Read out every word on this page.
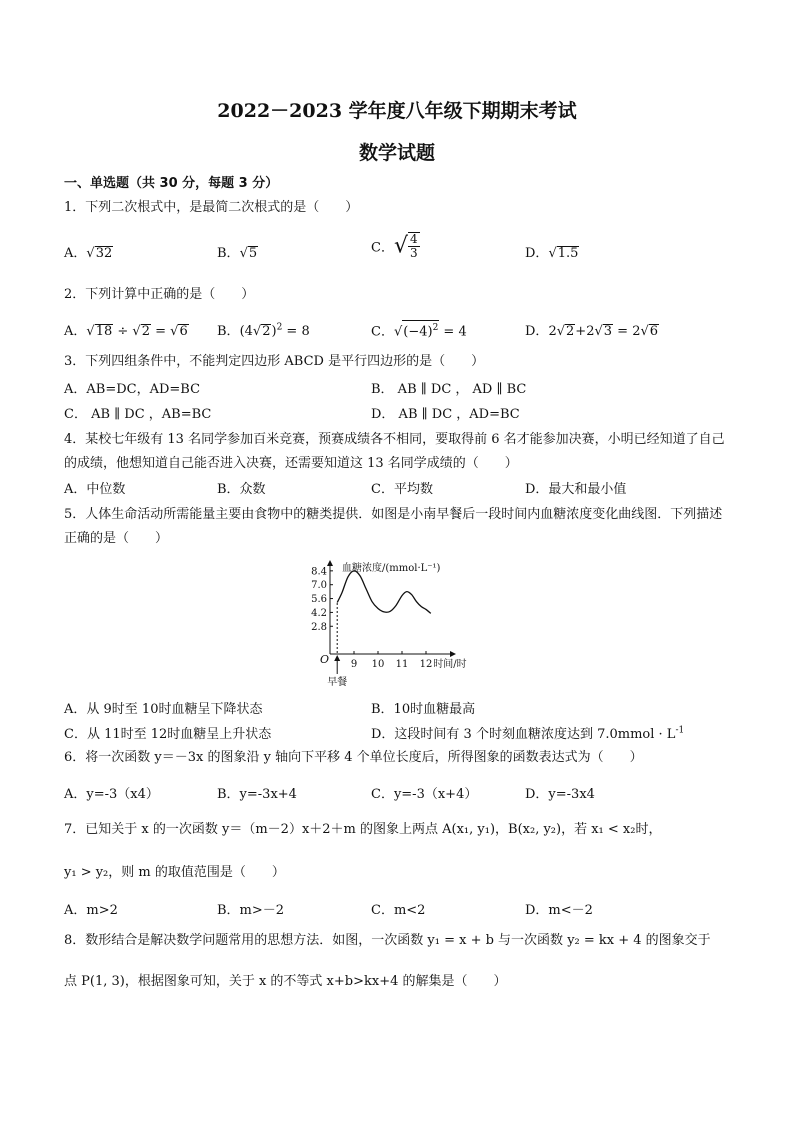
2022－2023 学年度八年级下期期末考试
数学试题
一、单选题（共 30 分，每题 3 分）
1．下列二次根式中，是最简二次根式的是（　　）
A．√32	B．√5	C．√ $\frac{4}{3}$	D．√1.5
2．下列计算中正确的是（　　）
A．√18 ÷ √2 = √6 B．$(4√2)^2 = 8$	C．$√(-4)^2 = 4$	D．2√2+2√3 = 2√6
3．下列四组条件中，不能判定四边形 ABCD 是平行四边形的是（　　）
A．AB=DC，AD=BC	B． AB ∥ DC ， AD ∥ BC
C． AB ∥ DC ，AB=BC	D． AB ∥ DC ，AD=BC
4．某校七年级有 13 名同学参加百米竞赛，预赛成绩各不相同，要取得前 6 名才能参加决赛，小明已经知道了自己的成绩，他想知道自己能否进入决赛，还需要知道这 13 名同学成绩的（　　）
A．中位数	B．众数	C．平均数	D．最大和最小值
5．人体生命活动所需能量主要由食物中的糖类提供．如图是小南早餐后一段时间内血糖浓度变化曲线图．下列描述正确的是（　　）
8.4
7.0
5.6
4.2
2.8
9 10 11 12
血糖浓度/(mmol·L⁻¹)
时间/时
O
早餐
A．从 9时至 10时血糖呈下降状态	B．10时血糖最高
C．从 11时至 12时血糖呈上升状态	D．这段时间有 3 个时刻血糖浓度达到 7.0mmol · $L^{-1}$
6．将一次函数 y＝－3x 的图象沿 y 轴向下平移 4 个单位长度后，所得图象的函数表达式为（　　）
A．y=-3（x4）	B．y=-3x+4	C．y=-3（x+4）	D．y=-3x4
7．已知关于 x 的一次函数 y＝（m－2）x＋2＋m 的图象上两点 A(x₁, y₁)，B(x₂, y₂)，若 x₁ < x₂时，
y₁ > y₂，则 m 的取值范围是（　　）
A．m>2	B．m>－2	C．m<2	D．m<－2
8．数形结合是解决数学问题常用的思想方法．如图，一次函数 y₁ = x + b 与一次函数 y₂ = kx + 4 的图象交于
点 P(1, 3)，根据图象可知，关于 x 的不等式 x+b>kx+4 的解集是（　　）
